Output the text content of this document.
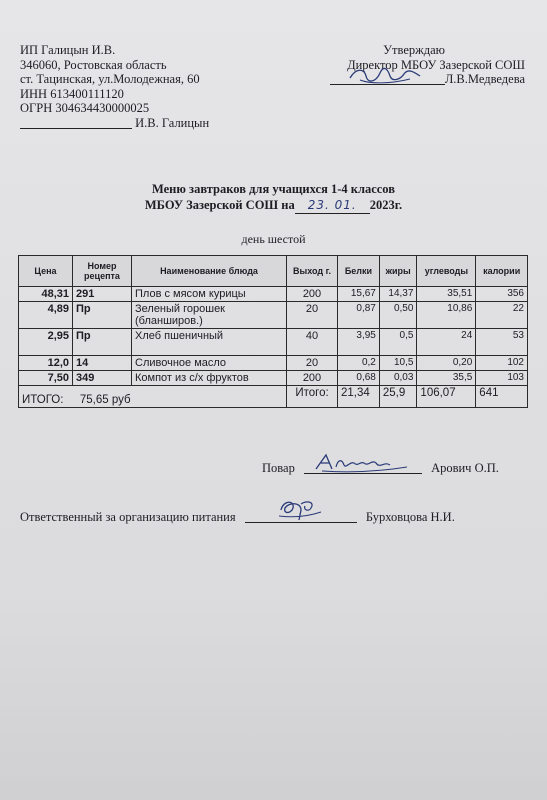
ИП Галицын И.В.
346060, Ростовская область
ст. Тацинская, ул.Молодежная, 60
ИНН 613400111120
ОГРН 304634430000025
И.В. Галицын
Утверждаю
Директор МБОУ Зазерской СОШ
Л.В.Медведева
Меню завтраков для учащихся 1-4 классов
МБОУ Зазерской СОШ на 23. 01. 2023г.
день шестой
Цена	Номер рецепта	Наименование блюда	Выход г.	Белки	жиры	углеводы	калории
48,31	291	Плов с мясом курицы	200	15,67	14,37	35,51	356
4,89	Пр	Зеленый горошек (бланширов.)	20	0,87	0,50	10,86	22
2,95	Пр	Хлеб пшеничный	40	3,95	0,5	24	53
12,0	14	Сливочное масло	20	0,2	10,5	0,20	102
7,50	349	Компот из с/х фруктов	200	0,68	0,03	35,5	103
ИТОГО: 75,65 руб			Итого:	21,34	25,9	106,07	641
Повар	Арович О.П.
Ответственный за организацию питания	Бурховцова Н.И.
